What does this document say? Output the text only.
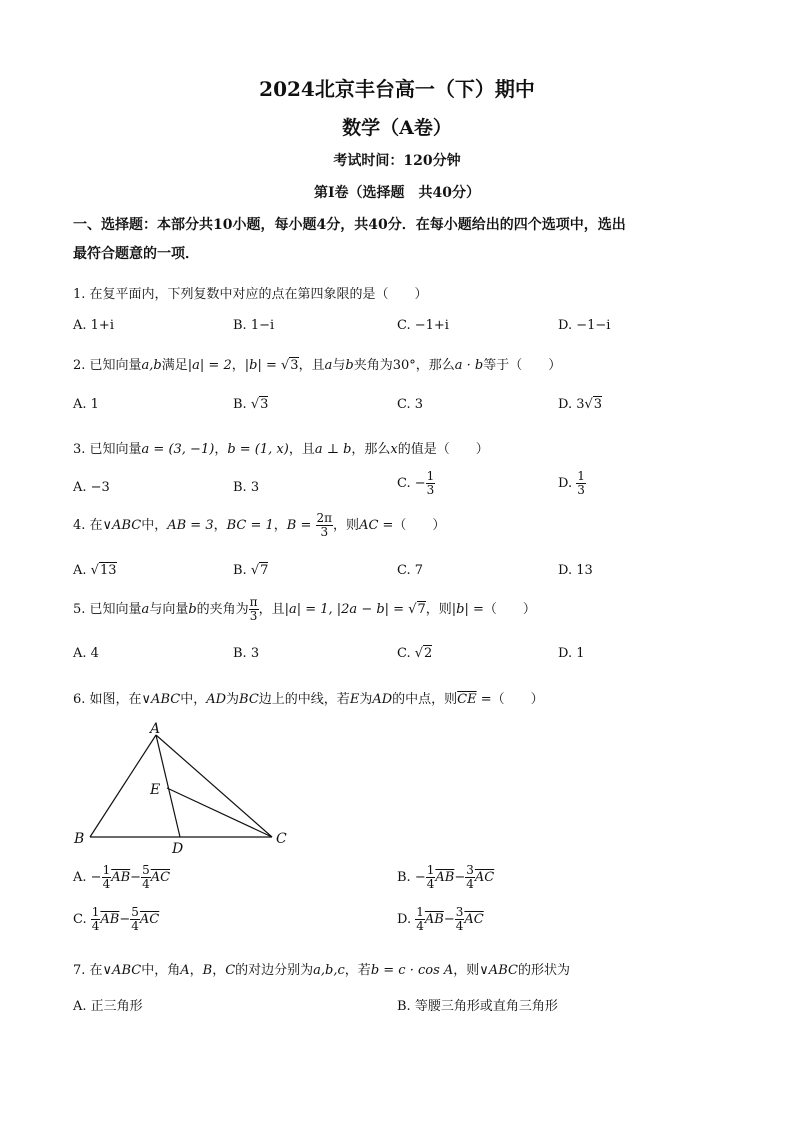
2024北京丰台高一（下）期中
数学（A卷）
考试时间：120分钟
第I卷（选择题　共40分）
一、选择题：本部分共10小题，每小题4分，共40分．在每小题给出的四个选项中，选出
最符合题意的一项．
1. 在复平面内，下列复数中对应的点在第四象限的是（　　）
A. 1+i	B. 1−i	C. −1+i	D. −1−i
2. 已知向量a,b满足|a| = 2，|b| = √3，且a与b夹角为30°，那么a · b等于（　　）
A. 1	B. √3	C. 3	D. 3√3
3. 已知向量a = (3, −1)，b = (1, x)，且a ⊥ b，那么x的值是（　　）
A. −3	B. 3	C. − $\frac{1}{3}$	D. $\frac{1}{3}$
4. 在∨ABC中，AB = 3，BC = 1，$B = \frac{2\pi}{3}$ ，则AC =（　　）
A. √13	B. √7	C. 7	D. 13
5. 已知向量a与向量b的夹角为 $\frac{\pi}{3}$ ，且|a| = 1, |2a − b| = √7，则|b| =（　　）
A. 4	B. 3	C. √2	D. 1
6. 如图，在∨ABC中，AD为BC边上的中线，若E为AD的中点，则$\overline{CE}$ =（　　）
A
B	C
D
E
A. − $\frac{1}{4} \overline{AB}- \frac{5}{4} \overline{AC}$	B. − $\frac{1}{4} \overline{AB}- \frac{3}{4} \overline{AC}$
C. $\frac{1}{4} \overline{AB}- \frac{5}{4} \overline{AC}$	D. $\frac{1}{4} \overline{AB}- \frac{3}{4} \overline{AC}$
7. 在∨ABC中，角A，B，C的对边分别为a,b,c，若b = c · cos A，则∨ABC的形状为
A. 正三角形	B. 等腰三角形或直角三角形
